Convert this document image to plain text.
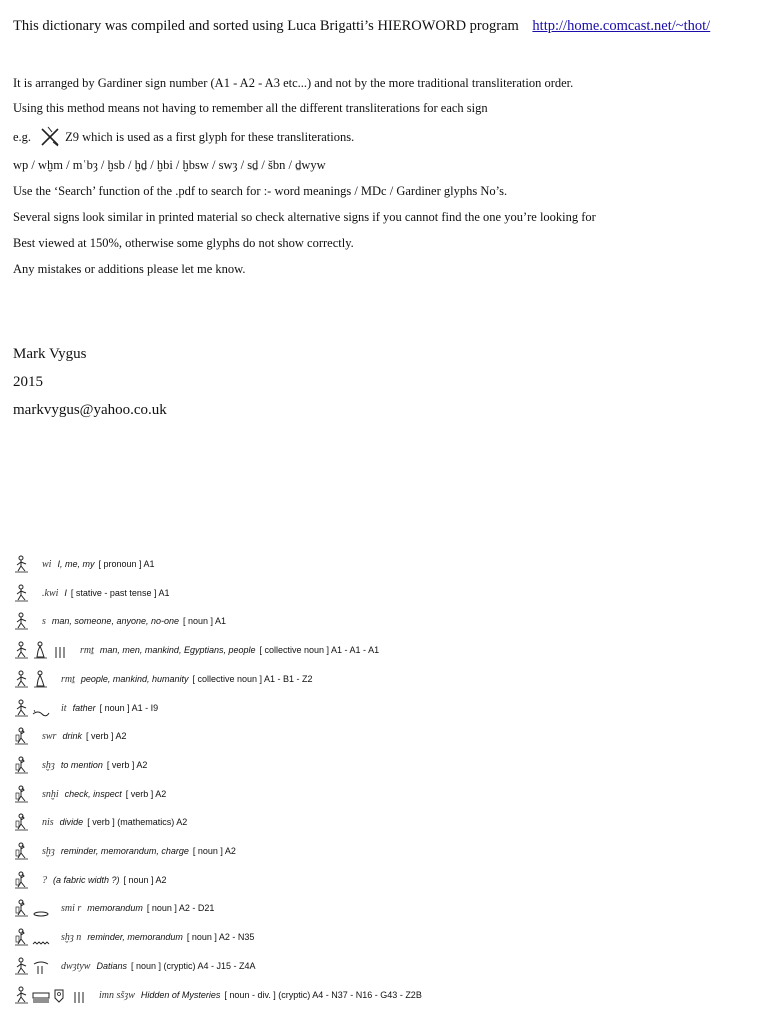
This dictionary was compiled and sorted using Luca Brigatti’s HIEROWORD program http://home.comcast.net/~thot/
It is arranged by Gardiner sign number (A1 - A2 - A3 etc...) and not by the more traditional transliteration order.
Using this method means not having to remember all the different transliterations for each sign
e.g.	Z9 which is used as a first glyph for these transliterations.
wp / wḫm / mʿbȝ / ḫsb / ḫḏ / ḫbi / ḫbsw / swȝ / sḏ / šbn / ḏwyw
Use the ‘Search’ function of the .pdf to search for :- word meanings / MDc / Gardiner glyphs No’s.
Several signs look similar in printed material so check alternative signs if you cannot find the one you’re looking for
Best viewed at 150%, otherwise some glyphs do not show correctly.
Any mistakes or additions please let me know.
Mark Vygus
2015
markvygus@yahoo.co.uk
wi I, me, my [ pronoun ] A1
.kwi I [ stative - past tense ] A1
s man, someone, anyone, no-one [ noun ] A1
rmṯ man, men, mankind, Egyptians, people [ collective noun ] A1 - A1 - A1
rmṯ people, mankind, humanity [ collective noun ] A1 - B1 - Z2
it father [ noun ] A1 - I9
swr drink [ verb ] A2
sḫȝ to mention [ verb ] A2
snḫi check, inspect [ verb ] A2
nis divide [ verb ] (mathematics) A2
sḫȝ reminder, memorandum, charge [ noun ] A2
? (a fabric width ?) [ noun ] A2
smi r memorandum [ noun ] A2 - D21
sḫȝ n reminder, memorandum [ noun ] A2 - N35
dwȝtyw Datians [ noun ] (cryptic) A4 - J15 - Z4A
imn sšȝw Hidden of Mysteries [ noun - div. ] (cryptic) A4 - N37 - N16 - G43 - Z2B
